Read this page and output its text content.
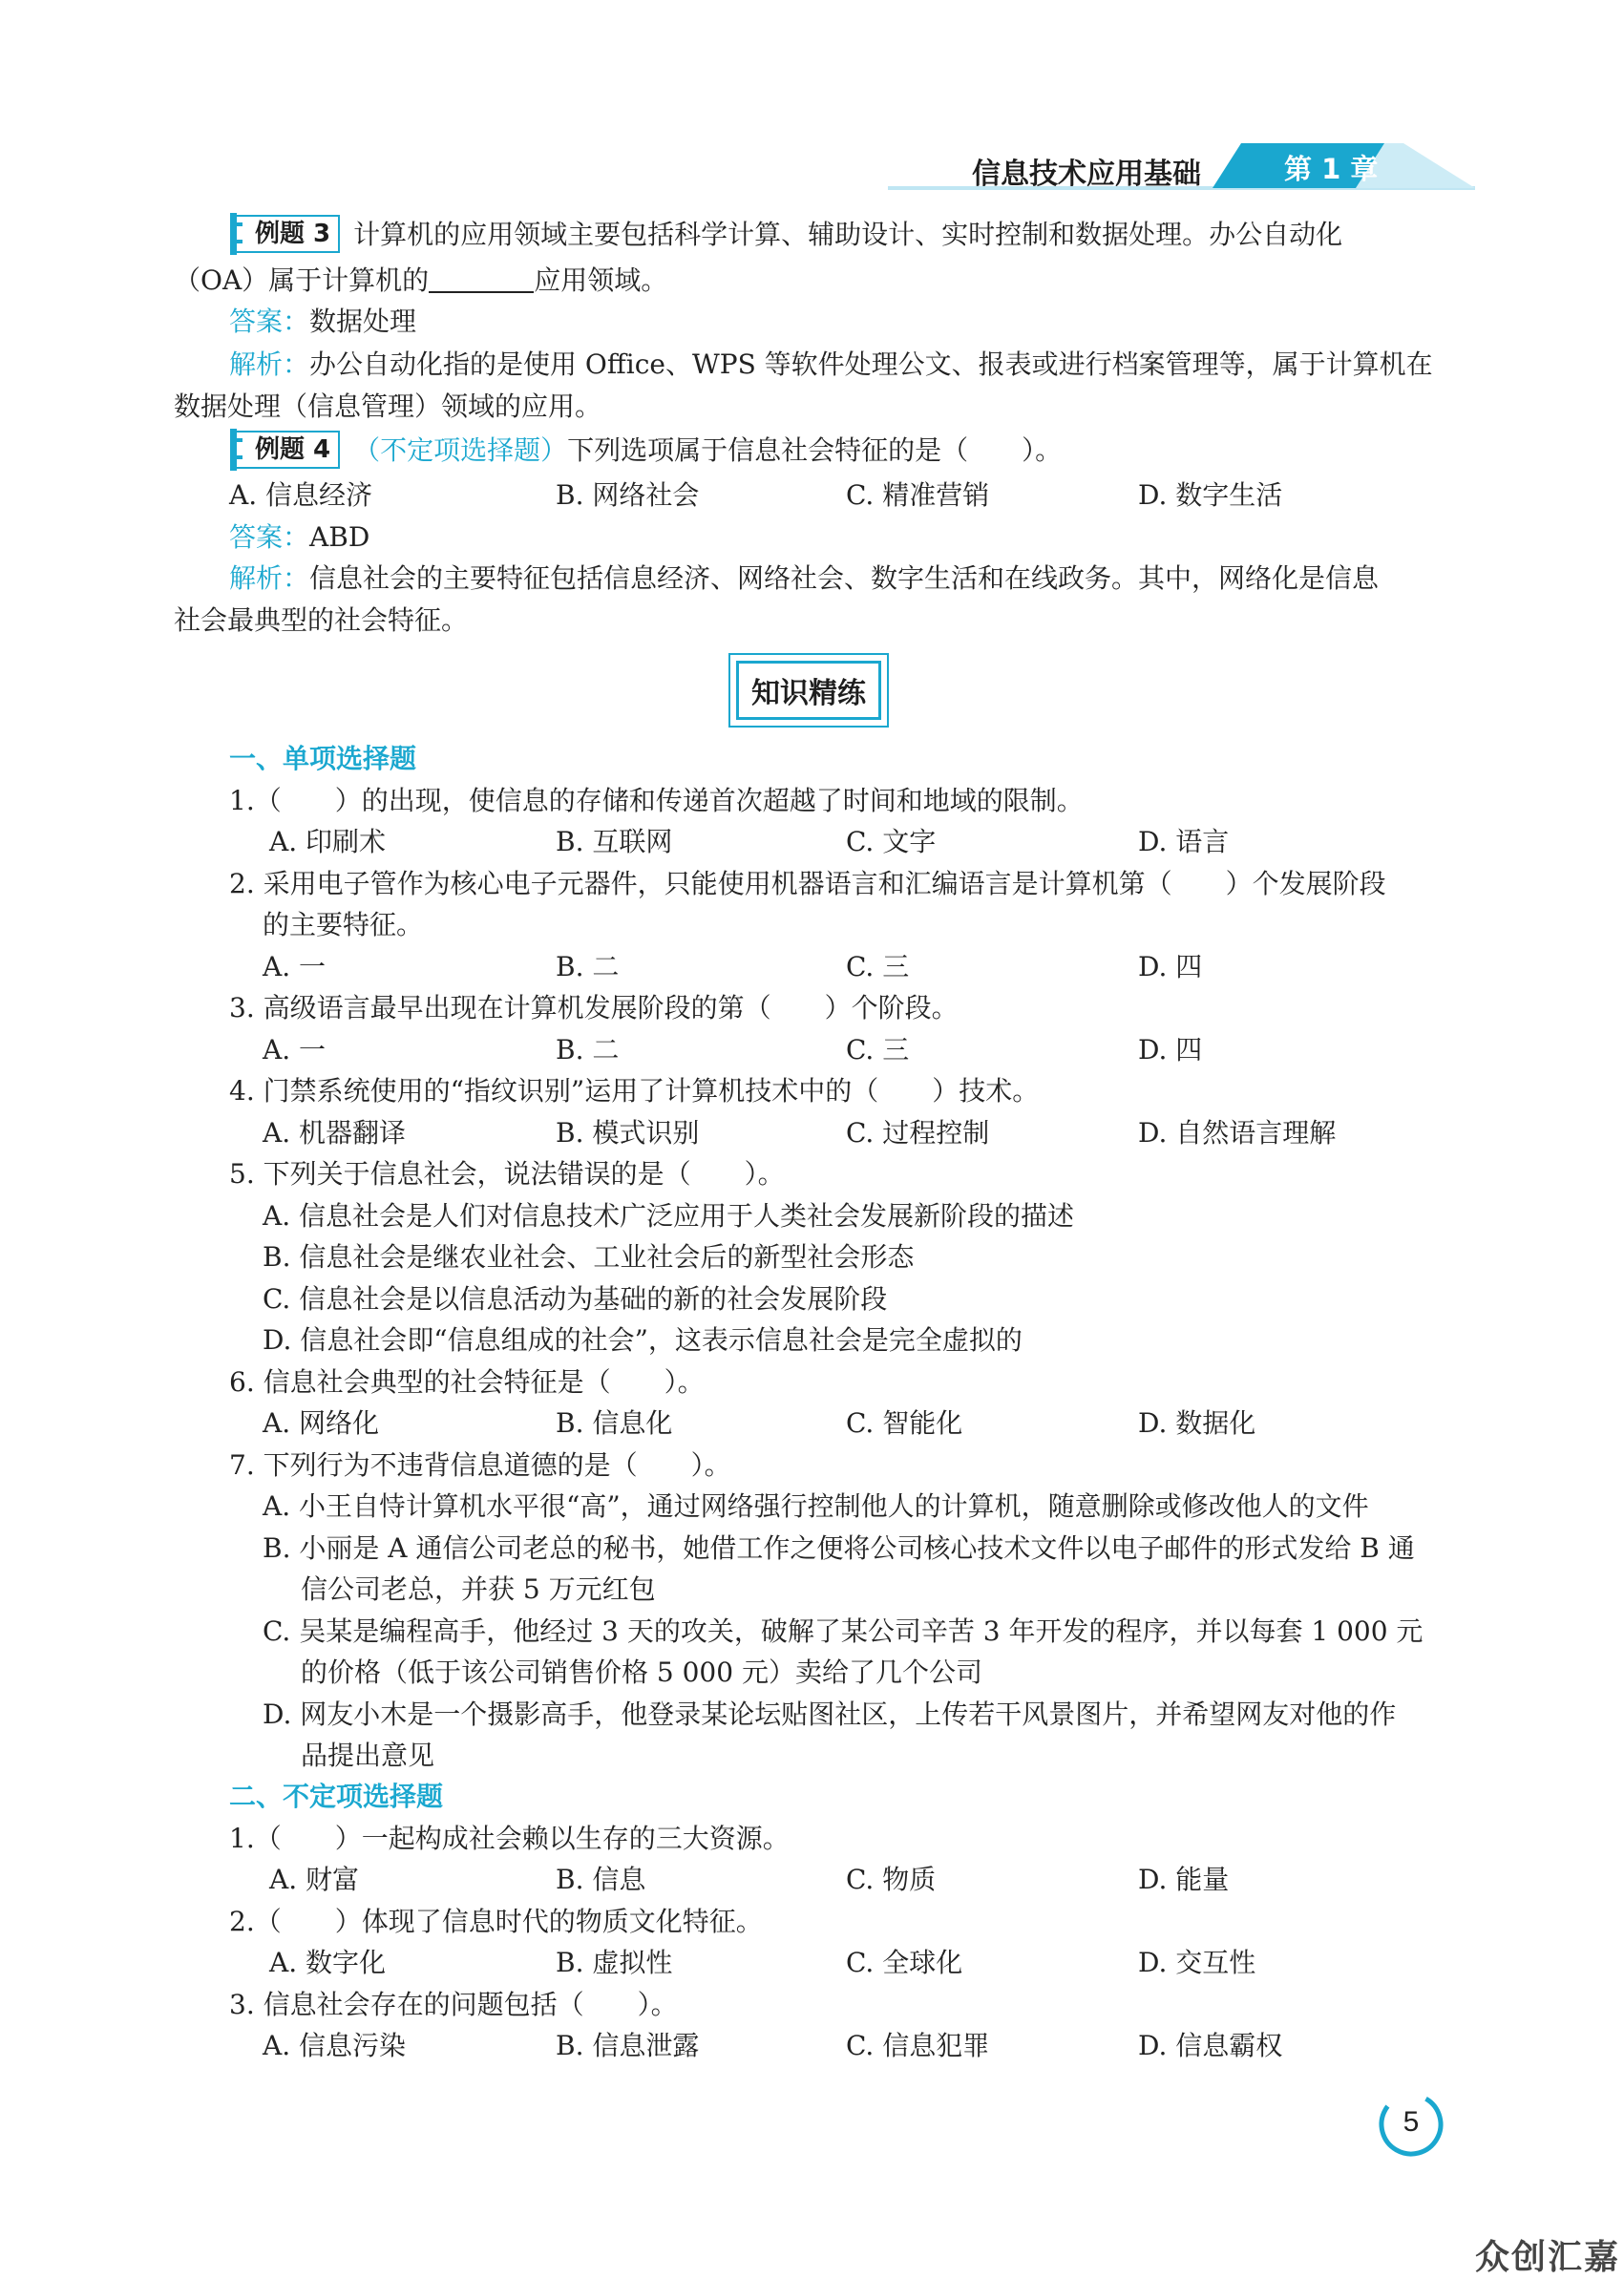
信息技术应用基础	第 1 章
例题 3 计算机的应用领域主要包括科学计算、辅助设计、实时控制和数据处理。办公自动化
（OA）属于计算机的	应用领域。
答案：数据处理
解析：办公自动化指的是使用 Office、WPS 等软件处理公文、报表或进行档案管理等，属于计算机在
数据处理（信息管理）领域的应用。
例题 4 （不定项选择题）下列选项属于信息社会特征的是（　　）。
A. 信息经济	B. 网络社会	C. 精准营销	D. 数字生活
答案：ABD
解析：信息社会的主要特征包括信息经济、网络社会、数字生活和在线政务。其中，网络化是信息
社会最典型的社会特征。
知识精练
一、单项选择题
1.（　　）的出现，使信息的存储和传递首次超越了时间和地域的限制。
A. 印刷术	B. 互联网	C. 文字	D. 语言
2. 采用电子管作为核心电子元器件，只能使用机器语言和汇编语言是计算机第（　　）个发展阶段
的主要特征。
A. 一	B. 二	C. 三	D. 四
3. 高级语言最早出现在计算机发展阶段的第（　　）个阶段。
A. 一	B. 二	C. 三	D. 四
4. 门禁系统使用的“指纹识别”运用了计算机技术中的（　　）技术。
A. 机器翻译	B. 模式识别	C. 过程控制	D. 自然语言理解
5. 下列关于信息社会，说法错误的是（　　）。
A. 信息社会是人们对信息技术广泛应用于人类社会发展新阶段的描述
B. 信息社会是继农业社会、工业社会后的新型社会形态
C. 信息社会是以信息活动为基础的新的社会发展阶段
D. 信息社会即“信息组成的社会”，这表示信息社会是完全虚拟的
6. 信息社会典型的社会特征是（　　）。
A. 网络化	B. 信息化	C. 智能化	D. 数据化
7. 下列行为不违背信息道德的是（　　）。
A. 小王自恃计算机水平很“高”，通过网络强行控制他人的计算机，随意删除或修改他人的文件
B. 小丽是 A 通信公司老总的秘书，她借工作之便将公司核心技术文件以电子邮件的形式发给 B 通
信公司老总，并获 5 万元红包
C. 吴某是编程高手，他经过 3 天的攻关，破解了某公司辛苦 3 年开发的程序，并以每套 1 000 元
的价格（低于该公司销售价格 5 000 元）卖给了几个公司
D. 网友小木是一个摄影高手，他登录某论坛贴图社区，上传若干风景图片，并希望网友对他的作
品提出意见
二、不定项选择题
1.（　　）一起构成社会赖以生存的三大资源。
A. 财富	B. 信息	C. 物质	D. 能量
2.（　　）体现了信息时代的物质文化特征。
A. 数字化	B. 虚拟性	C. 全球化	D. 交互性
3. 信息社会存在的问题包括（　　）。
A. 信息污染	B. 信息泄露	C. 信息犯罪	D. 信息霸权
5
众创汇嘉
